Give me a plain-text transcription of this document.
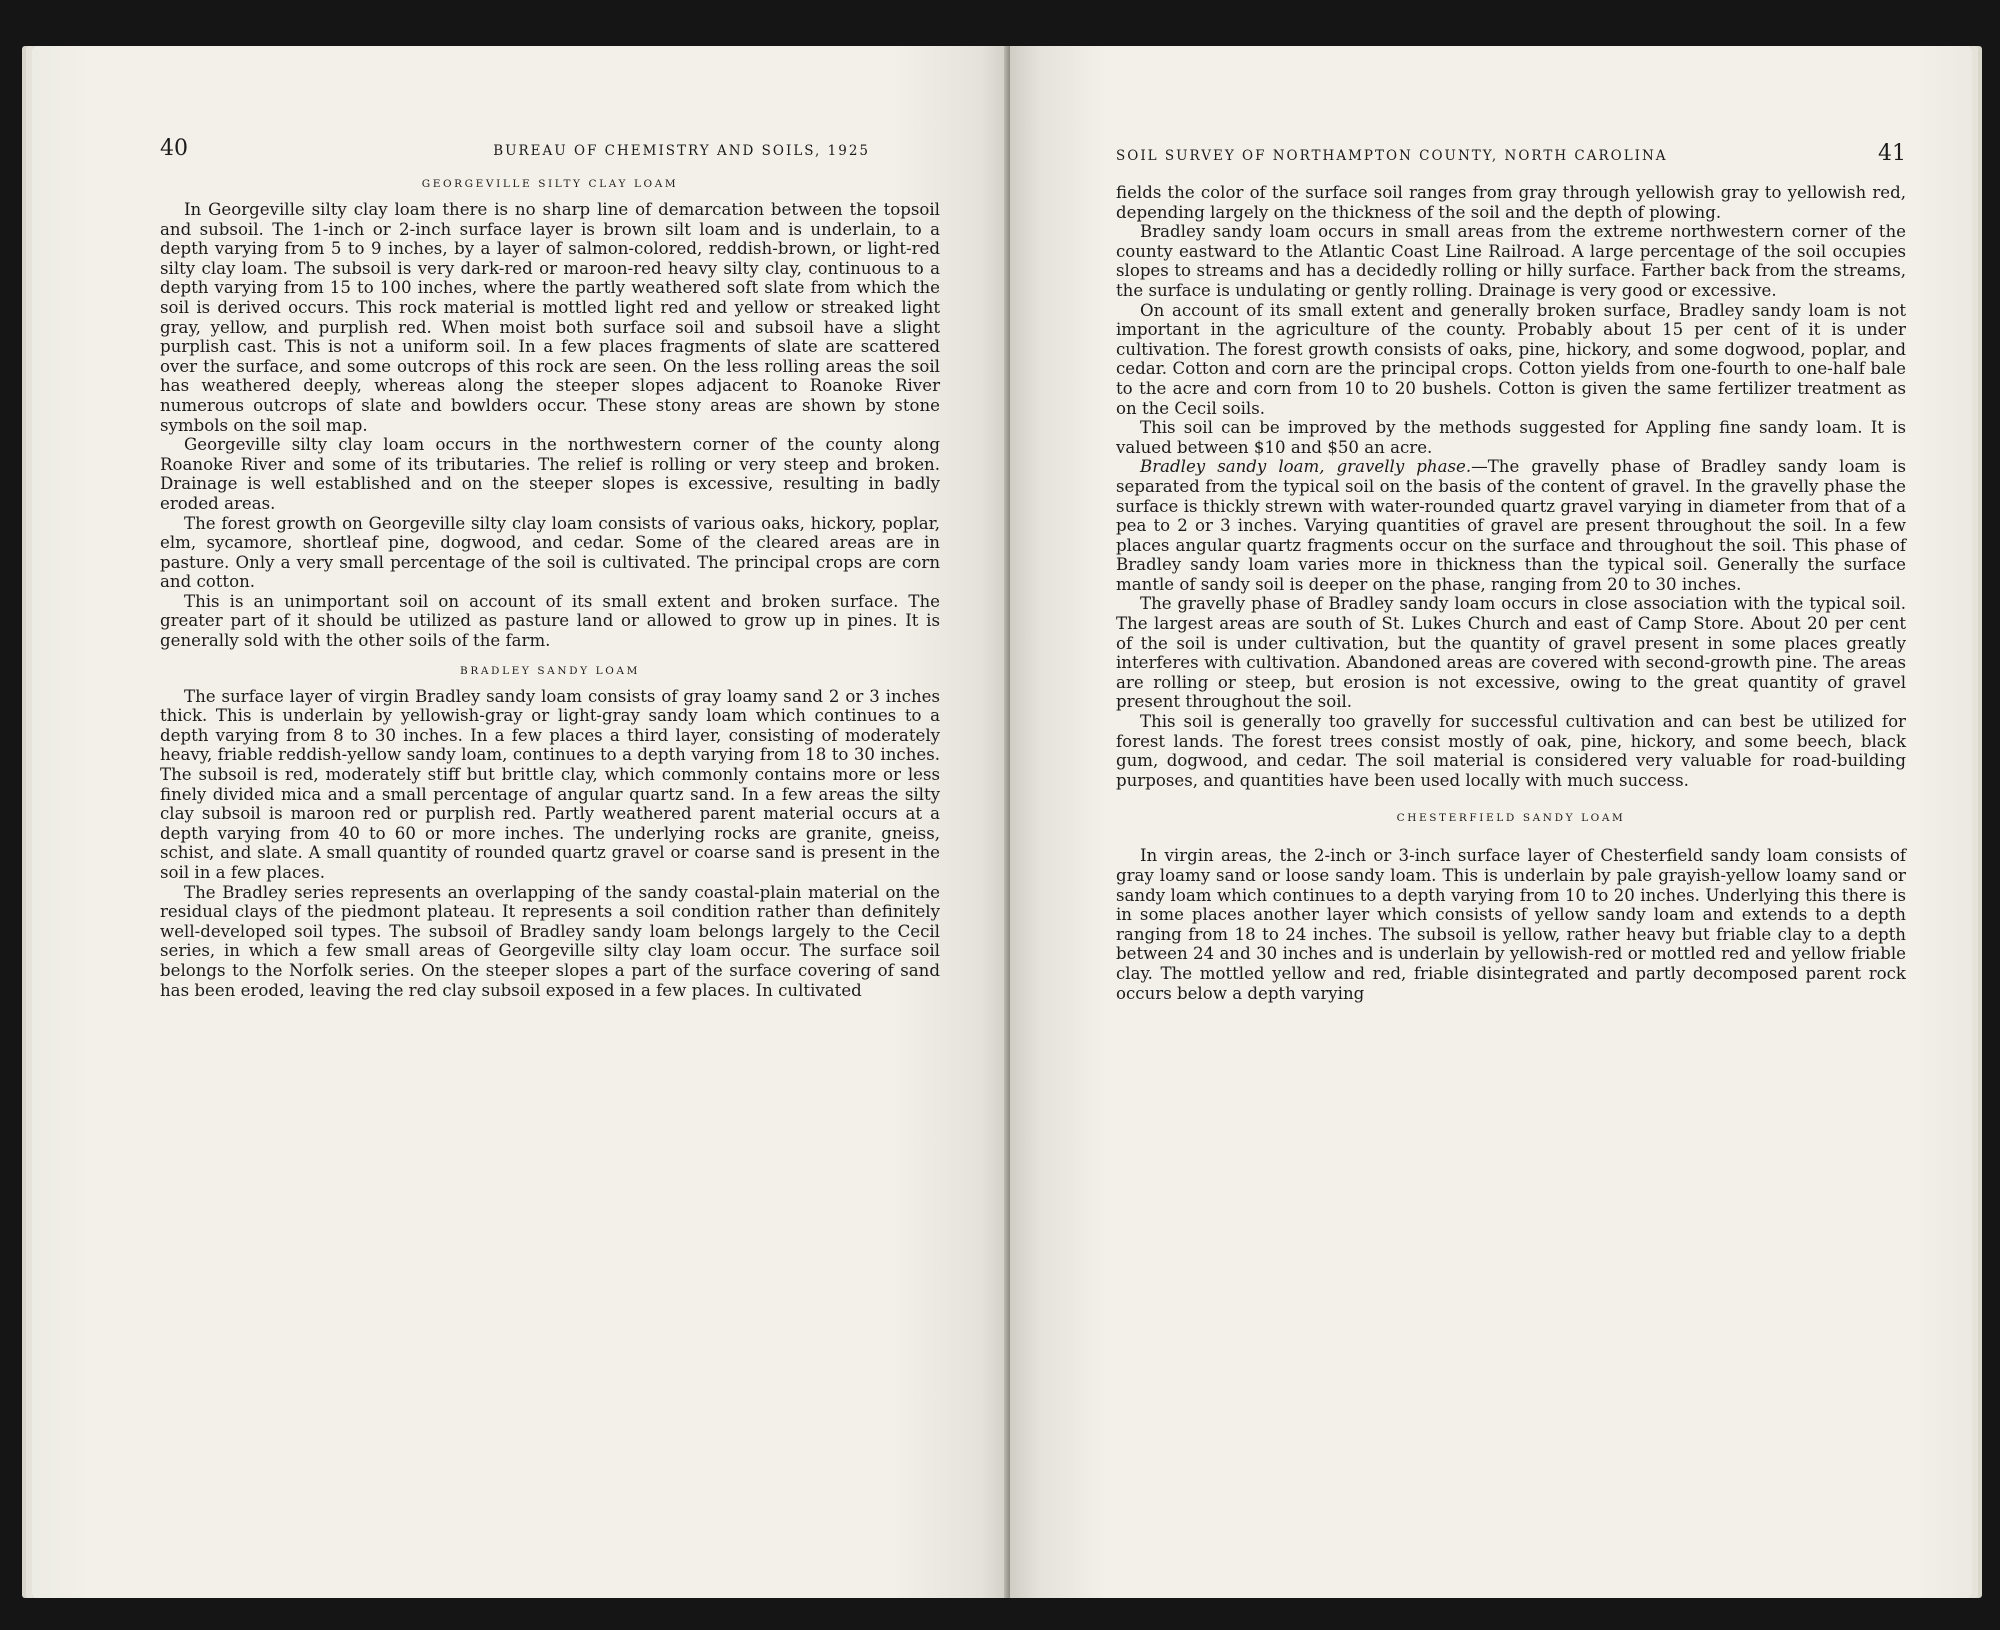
40	BUREAU OF CHEMISTRY AND SOILS, 1925
GEORGEVILLE SILTY CLAY LOAM

In Georgeville silty clay loam there is no sharp line of demarcation between the topsoil and subsoil. The 1-inch or 2-inch surface layer is brown silt loam and is underlain, to a depth varying from 5 to 9 inches, by a layer of salmon-colored, reddish-brown, or light-red silty clay loam. The subsoil is very dark-red or maroon-red heavy silty clay, continuous to a depth varying from 15 to 100 inches, where the partly weathered soft slate from which the soil is derived occurs. This rock material is mottled light red and yellow or streaked light gray, yellow, and purplish red. When moist both surface soil and subsoil have a slight purplish cast. This is not a uniform soil. In a few places fragments of slate are scattered over the surface, and some outcrops of this rock are seen. On the less rolling areas the soil has weathered deeply, whereas along the steeper slopes adjacent to Roanoke River numerous outcrops of slate and bowlders occur. These stony areas are shown by stone symbols on the soil map.

Georgeville silty clay loam occurs in the northwestern corner of the county along Roanoke River and some of its tributaries. The relief is rolling or very steep and broken. Drainage is well established and on the steeper slopes is excessive, resulting in badly eroded areas.

The forest growth on Georgeville silty clay loam consists of various oaks, hickory, poplar, elm, sycamore, shortleaf pine, dogwood, and cedar. Some of the cleared areas are in pasture. Only a very small percentage of the soil is cultivated. The principal crops are corn and cotton.

This is an unimportant soil on account of its small extent and broken surface. The greater part of it should be utilized as pasture land or allowed to grow up in pines. It is generally sold with the other soils of the farm.

BRADLEY SANDY LOAM

The surface layer of virgin Bradley sandy loam consists of gray loamy sand 2 or 3 inches thick. This is underlain by yellowish-gray or light-gray sandy loam which continues to a depth varying from 8 to 30 inches. In a few places a third layer, consisting of moderately heavy, friable reddish-yellow sandy loam, continues to a depth varying from 18 to 30 inches. The subsoil is red, moderately stiff but brittle clay, which commonly contains more or less finely divided mica and a small percentage of angular quartz sand. In a few areas the silty clay subsoil is maroon red or purplish red. Partly weathered parent material occurs at a depth varying from 40 to 60 or more inches. The underlying rocks are granite, gneiss, schist, and slate. A small quantity of rounded quartz gravel or coarse sand is present in the soil in a few places.

The Bradley series represents an overlapping of the sandy coastal-plain material on the residual clays of the piedmont plateau. It represents a soil condition rather than definitely well-developed soil types. The subsoil of Bradley sandy loam belongs largely to the Cecil series, in which a few small areas of Georgeville silty clay loam occur. The surface soil belongs to the Norfolk series. On the steeper slopes a part of the surface covering of sand has been eroded, leaving the red clay subsoil exposed in a few places. In cultivated

SOIL SURVEY OF NORTHAMPTON COUNTY, NORTH CAROLINA	41

fields the color of the surface soil ranges from gray through yellowish gray to yellowish red, depending largely on the thickness of the soil and the depth of plowing.

Bradley sandy loam occurs in small areas from the extreme northwestern corner of the county eastward to the Atlantic Coast Line Railroad. A large percentage of the soil occupies slopes to streams and has a decidedly rolling or hilly surface. Farther back from the streams, the surface is undulating or gently rolling. Drainage is very good or excessive.

On account of its small extent and generally broken surface, Bradley sandy loam is not important in the agriculture of the county. Probably about 15 per cent of it is under cultivation. The forest growth consists of oaks, pine, hickory, and some dogwood, poplar, and cedar. Cotton and corn are the principal crops. Cotton yields from one-fourth to one-half bale to the acre and corn from 10 to 20 bushels. Cotton is given the same fertilizer treatment as on the Cecil soils.

This soil can be improved by the methods suggested for Appling fine sandy loam. It is valued between $10 and $50 an acre.

Bradley sandy loam, gravelly phase.—The gravelly phase of Bradley sandy loam is separated from the typical soil on the basis of the content of gravel. In the gravelly phase the surface is thickly strewn with water-rounded quartz gravel varying in diameter from that of a pea to 2 or 3 inches. Varying quantities of gravel are present throughout the soil. In a few places angular quartz fragments occur on the surface and throughout the soil. This phase of Bradley sandy loam varies more in thickness than the typical soil. Generally the surface mantle of sandy soil is deeper on the phase, ranging from 20 to 30 inches.

The gravelly phase of Bradley sandy loam occurs in close association with the typical soil. The largest areas are south of St. Lukes Church and east of Camp Store. About 20 per cent of the soil is under cultivation, but the quantity of gravel present in some places greatly interferes with cultivation. Abandoned areas are covered with second-growth pine. The areas are rolling or steep, but erosion is not excessive, owing to the great quantity of gravel present throughout the soil.

This soil is generally too gravelly for successful cultivation and can best be utilized for forest lands. The forest trees consist mostly of oak, pine, hickory, and some beech, black gum, dogwood, and cedar. The soil material is considered very valuable for road-building purposes, and quantities have been used locally with much success.

CHESTERFIELD SANDY LOAM

In virgin areas, the 2-inch or 3-inch surface layer of Chesterfield sandy loam consists of gray loamy sand or loose sandy loam. This is underlain by pale grayish-yellow loamy sand or sandy loam which continues to a depth varying from 10 to 20 inches. Underlying this there is in some places another layer which consists of yellow sandy loam and extends to a depth ranging from 18 to 24 inches. The subsoil is yellow, rather heavy but friable clay to a depth between 24 and 30 inches and is underlain by yellowish-red or mottled red and yellow friable clay. The mottled yellow and red, friable disintegrated and partly decomposed parent rock occurs below a depth varying
